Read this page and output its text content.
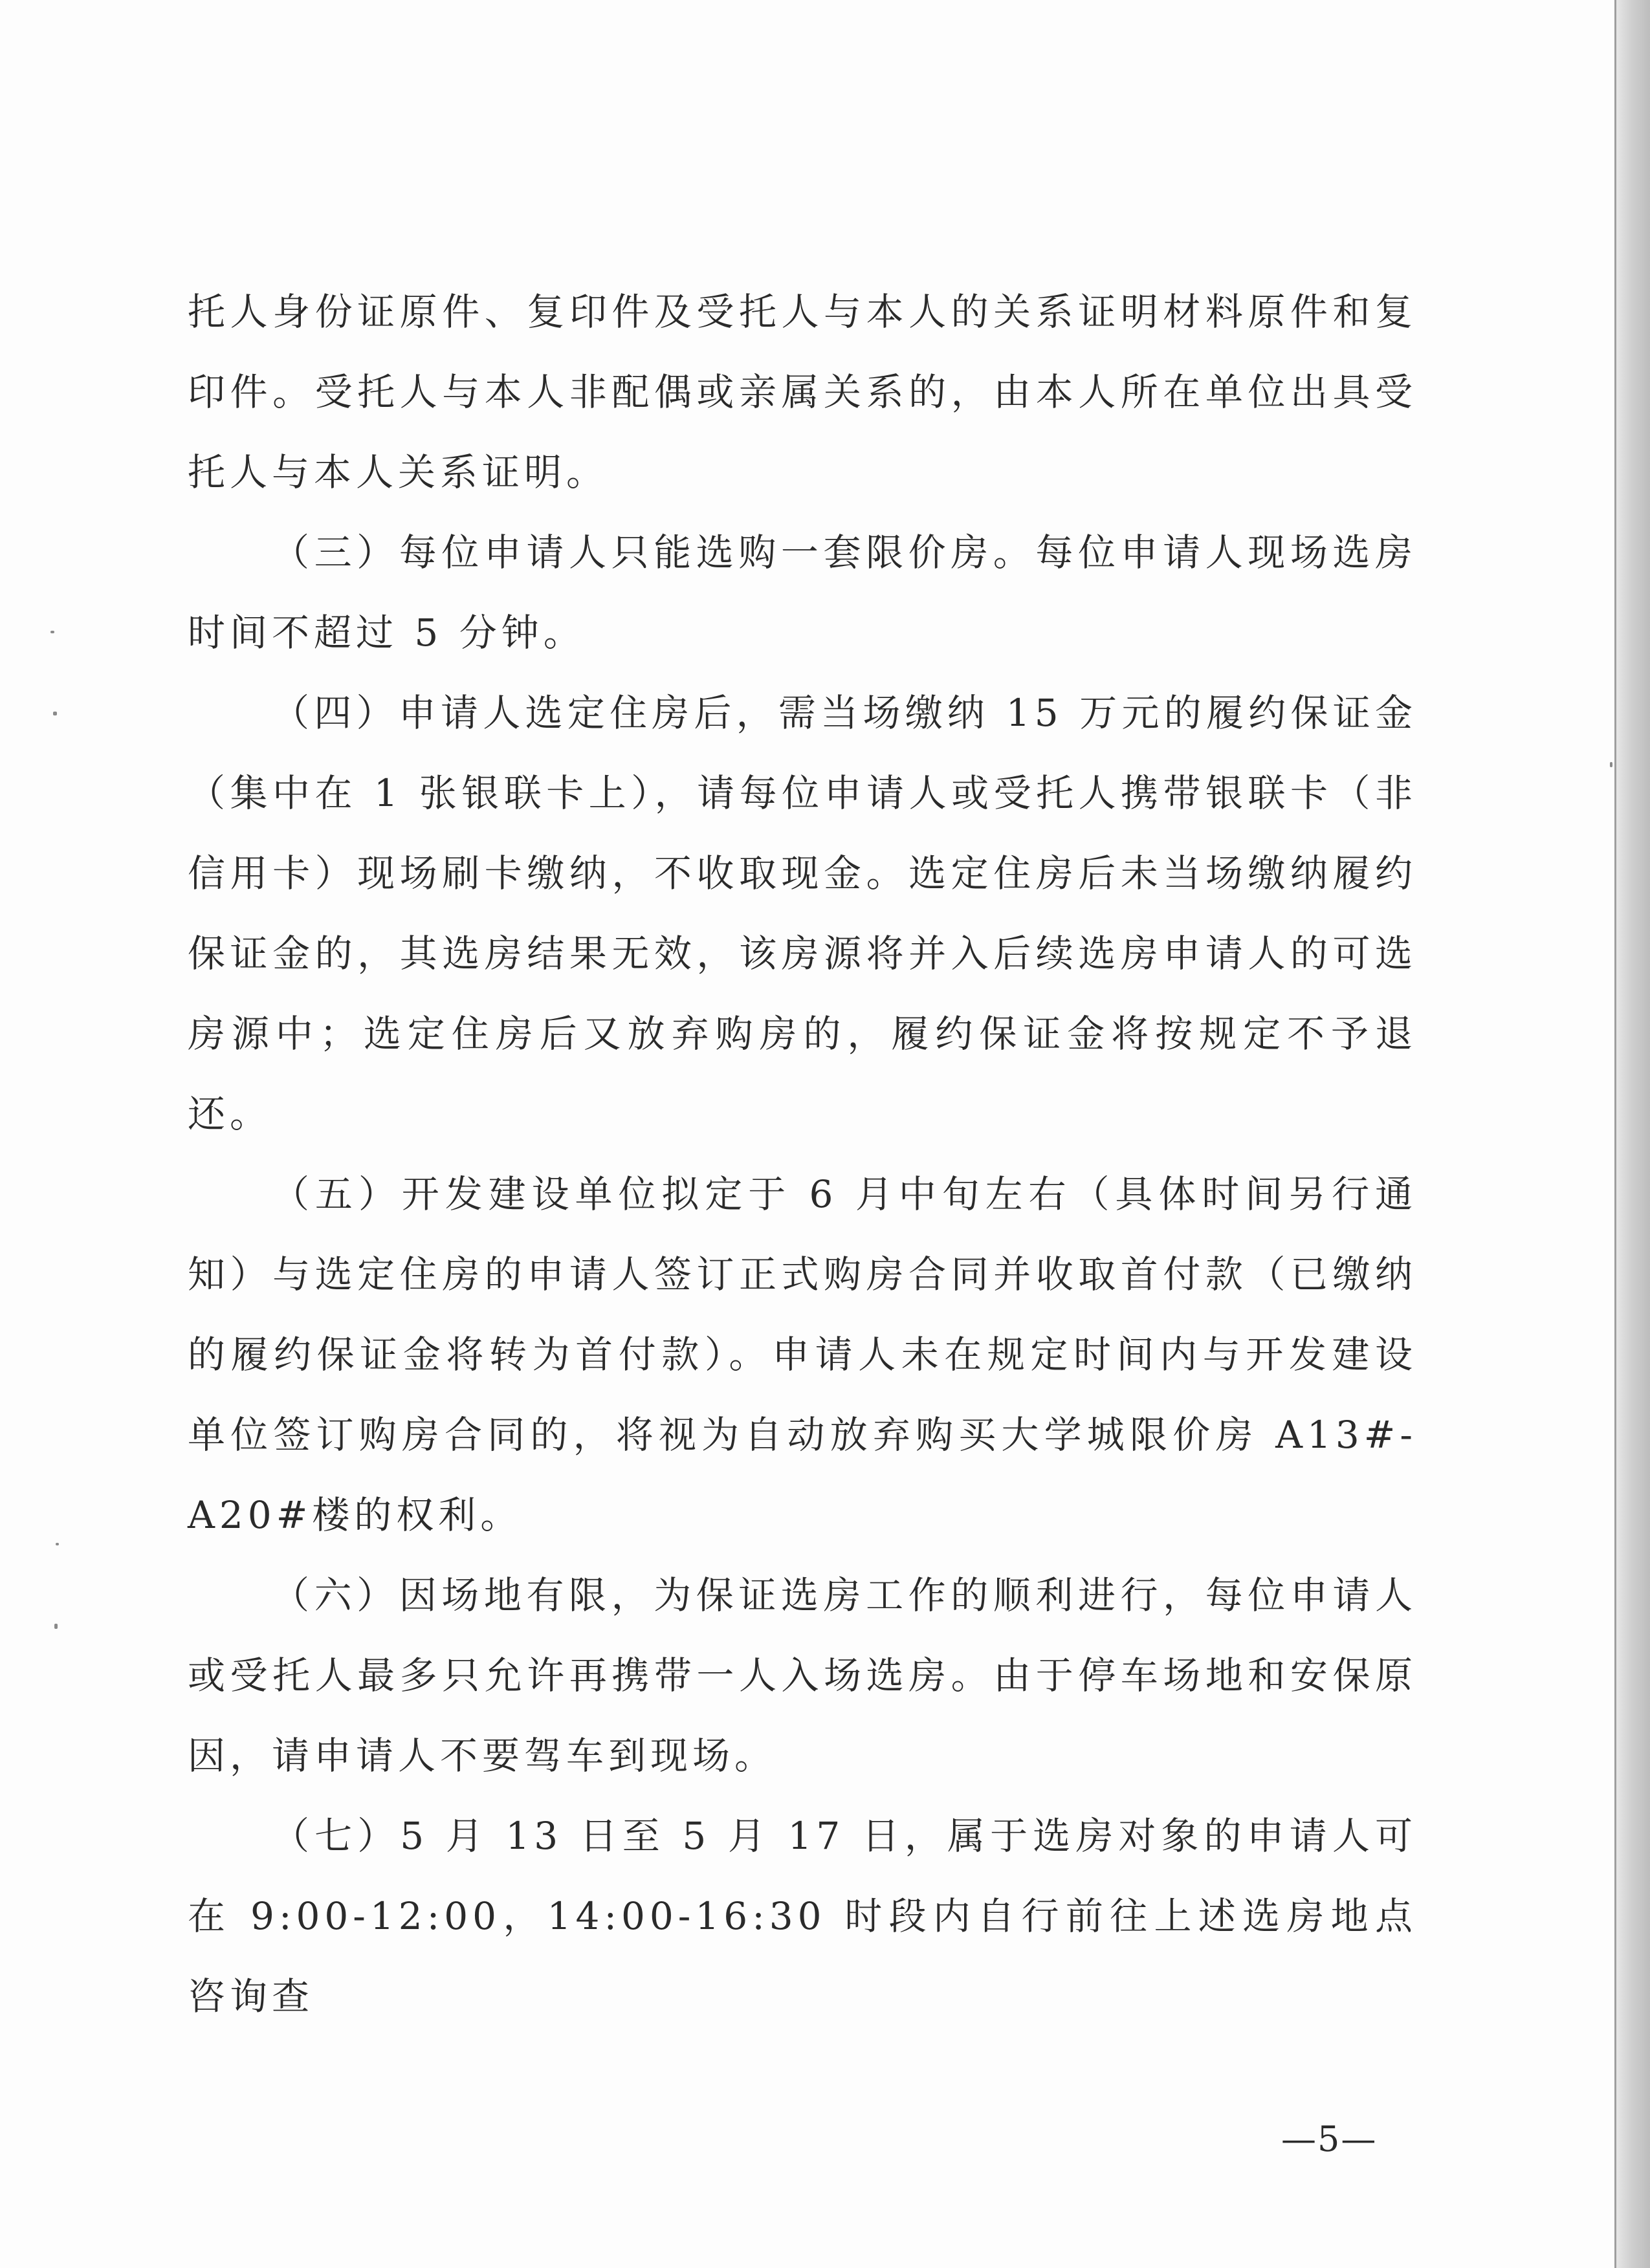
托人身份证原件、复印件及受托人与本人的关系证明材料原件和复印件。受托人与本人非配偶或亲属关系的，由本人所在单位出具受托人与本人关系证明。

（三）每位申请人只能选购一套限价房。每位申请人现场选房时间不超过 5 分钟。

（四）申请人选定住房后，需当场缴纳 15 万元的履约保证金（集中在 1 张银联卡上），请每位申请人或受托人携带银联卡（非信用卡）现场刷卡缴纳，不收取现金。选定住房后未当场缴纳履约保证金的，其选房结果无效，该房源将并入后续选房申请人的可选房源中；选定住房后又放弃购房的，履约保证金将按规定不予退还。

（五）开发建设单位拟定于 6 月中旬左右（具体时间另行通知）与选定住房的申请人签订正式购房合同并收取首付款（已缴纳的履约保证金将转为首付款）。申请人未在规定时间内与开发建设单位签订购房合同的，将视为自动放弃购买大学城限价房 A13#-A20#楼的权利。

（六）因场地有限，为保证选房工作的顺利进行，每位申请人或受托人最多只允许再携带一人入场选房。由于停车场地和安保原因，请申请人不要驾车到现场。

（七）5 月 13 日至 5 月 17 日，属于选房对象的申请人可在 9:00-12:00，14:00-16:30 时段内自行前往上述选房地点咨询查

—5—
